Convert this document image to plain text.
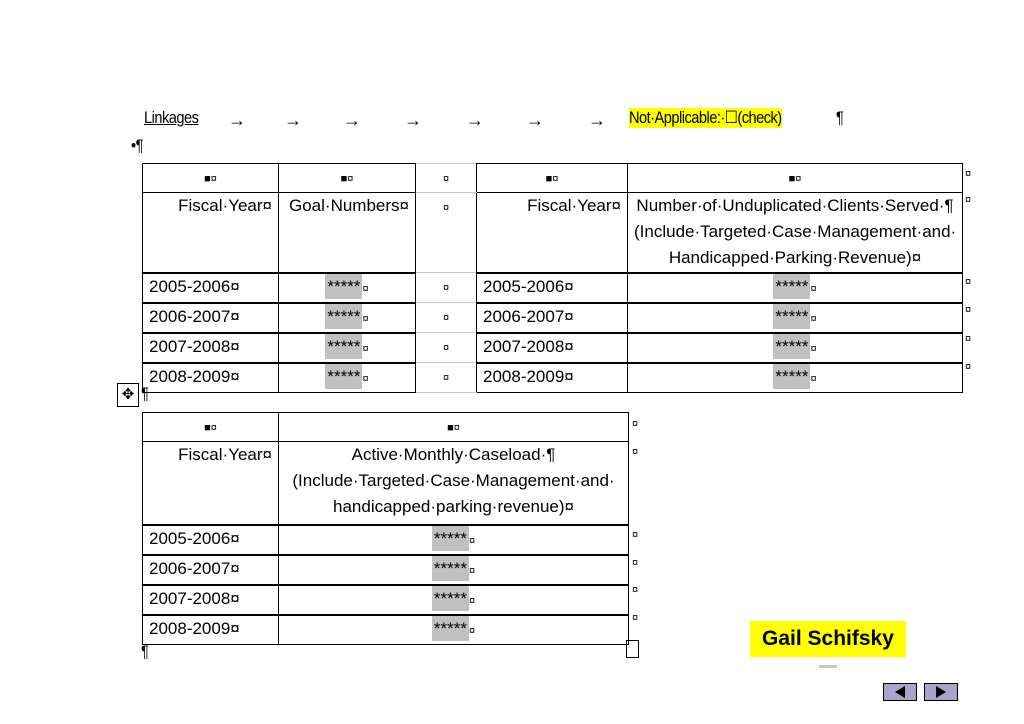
Linkages → → → → → → → Not·Applicable:·☐(check)	¶
•¶
■¤	■¤	¤	■¤	■¤
Fiscal·Year¤	Goal·Numbers¤	¤	Fiscal·Year¤	Number·of·Unduplicated·Clients·Served·¶ (Include·Targeted·Case·Management·and· Handicapped·Parking·Revenue)¤
2005-2006¤	***** ¤	¤	2005-2006¤	***** ¤
2006-2007¤	***** ¤	¤	2006-2007¤	***** ¤
2007-2008¤	***** ¤	¤	2007-2008¤	***** ¤
2008-2009¤	***** ¤	¤	2008-2009¤	***** ¤
¤
¤
¤
¤
¤
¤
✥ ¶
■¤	■¤
Fiscal·Year¤	Active·Monthly·Caseload·¶ (Include·Targeted·Case·Management·and· handicapped·parking·revenue)¤
2005-2006¤	***** ¤
2006-2007¤	***** ¤
2007-2008¤	***** ¤
2008-2009¤	***** ¤
¤
¤
¤
¤
¤
¤
¶
Gail Schifsky
